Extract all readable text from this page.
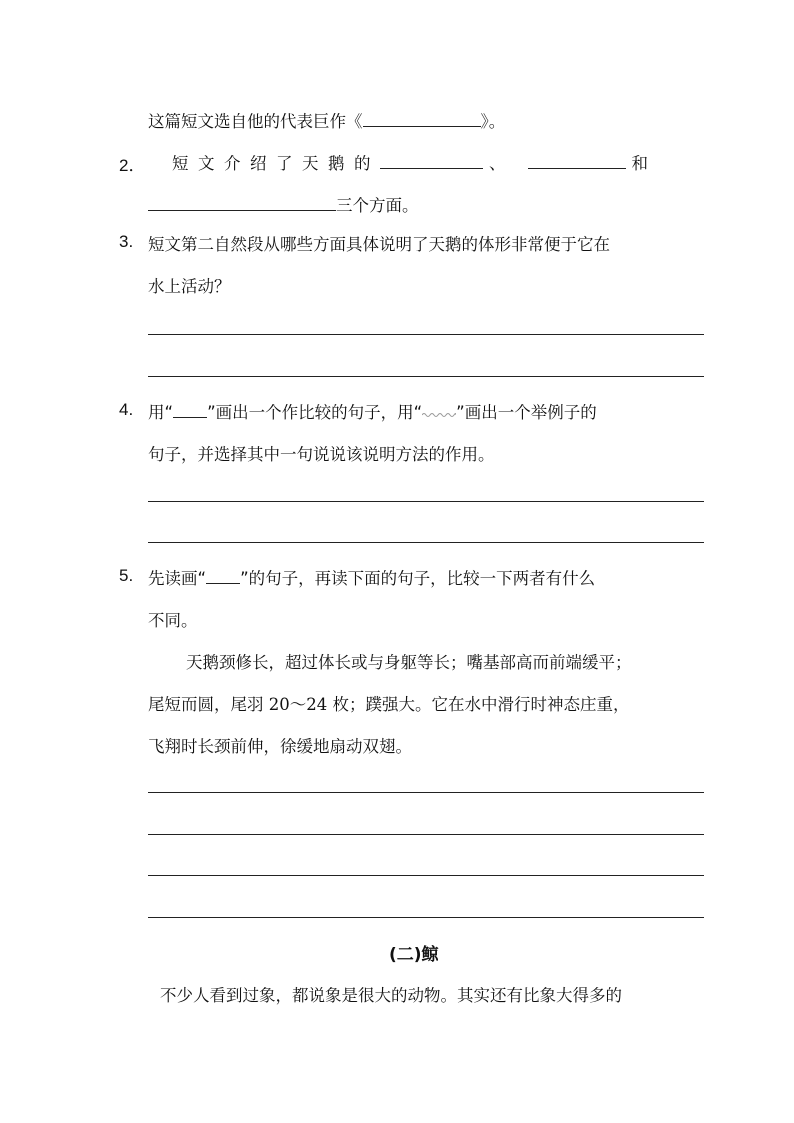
这篇短文选自他的代表巨作《	》。
2． 短文介绍了天鹅的	、	和
三个方面。
3. 短文第二自然段从哪些方面具体说明了天鹅的体形非常便于它在
水上活动？
4. 用“ ”画出一个作比较的句子，用“ ”画出一个举例子的
句子，并选择其中一句说说该说明方法的作用。
5. 先读画“ ”的句子，再读下面的句子，比较一下两者有什么
不同。
天鹅颈修长，超过体长或与身躯等长；嘴基部高而前端缓平；
尾短而圆，尾羽 20～24 枚；蹼强大。它在水中滑行时神态庄重，
飞翔时长颈前伸，徐缓地扇动双翅。
(二)鲸
不少人看到过象，都说象是很大的动物。其实还有比象大得多的
